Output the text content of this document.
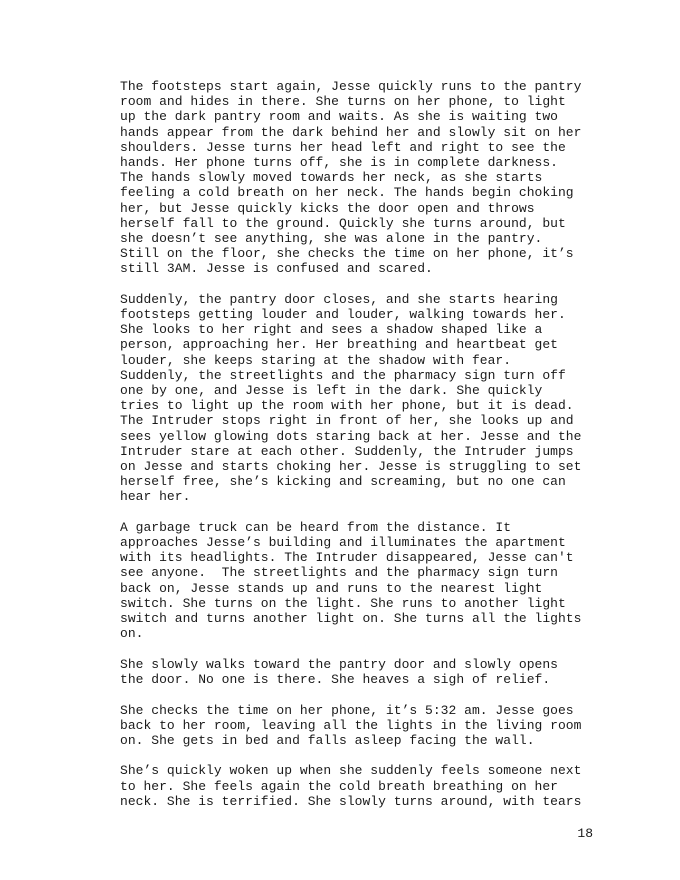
The footsteps start again, Jesse quickly runs to the pantry
room and hides in there. She turns on her phone, to light
up the dark pantry room and waits. As she is waiting two
hands appear from the dark behind her and slowly sit on her
shoulders. Jesse turns her head left and right to see the
hands. Her phone turns off, she is in complete darkness.
The hands slowly moved towards her neck, as she starts
feeling a cold breath on her neck. The hands begin choking
her, but Jesse quickly kicks the door open and throws
herself fall to the ground. Quickly she turns around, but
she doesn’t see anything, she was alone in the pantry.
Still on the floor, she checks the time on her phone, it’s
still 3AM. Jesse is confused and scared.
Suddenly, the pantry door closes, and she starts hearing
footsteps getting louder and louder, walking towards her.
She looks to her right and sees a shadow shaped like a
person, approaching her. Her breathing and heartbeat get
louder, she keeps staring at the shadow with fear.
Suddenly, the streetlights and the pharmacy sign turn off
one by one, and Jesse is left in the dark. She quickly
tries to light up the room with her phone, but it is dead.
The Intruder stops right in front of her, she looks up and
sees yellow glowing dots staring back at her. Jesse and the
Intruder stare at each other. Suddenly, the Intruder jumps
on Jesse and starts choking her. Jesse is struggling to set
herself free, she’s kicking and screaming, but no one can
hear her.
A garbage truck can be heard from the distance. It
approaches Jesse’s building and illuminates the apartment
with its headlights. The Intruder disappeared, Jesse can't
see anyone.  The streetlights and the pharmacy sign turn
back on, Jesse stands up and runs to the nearest light
switch. She turns on the light. She runs to another light
switch and turns another light on. She turns all the lights
on.
She slowly walks toward the pantry door and slowly opens
the door. No one is there. She heaves a sigh of relief.
She checks the time on her phone, it’s 5:32 am. Jesse goes
back to her room, leaving all the lights in the living room
on. She gets in bed and falls asleep facing the wall.
She’s quickly woken up when she suddenly feels someone next
to her. She feels again the cold breath breathing on her
neck. She is terrified. She slowly turns around, with tears
18
